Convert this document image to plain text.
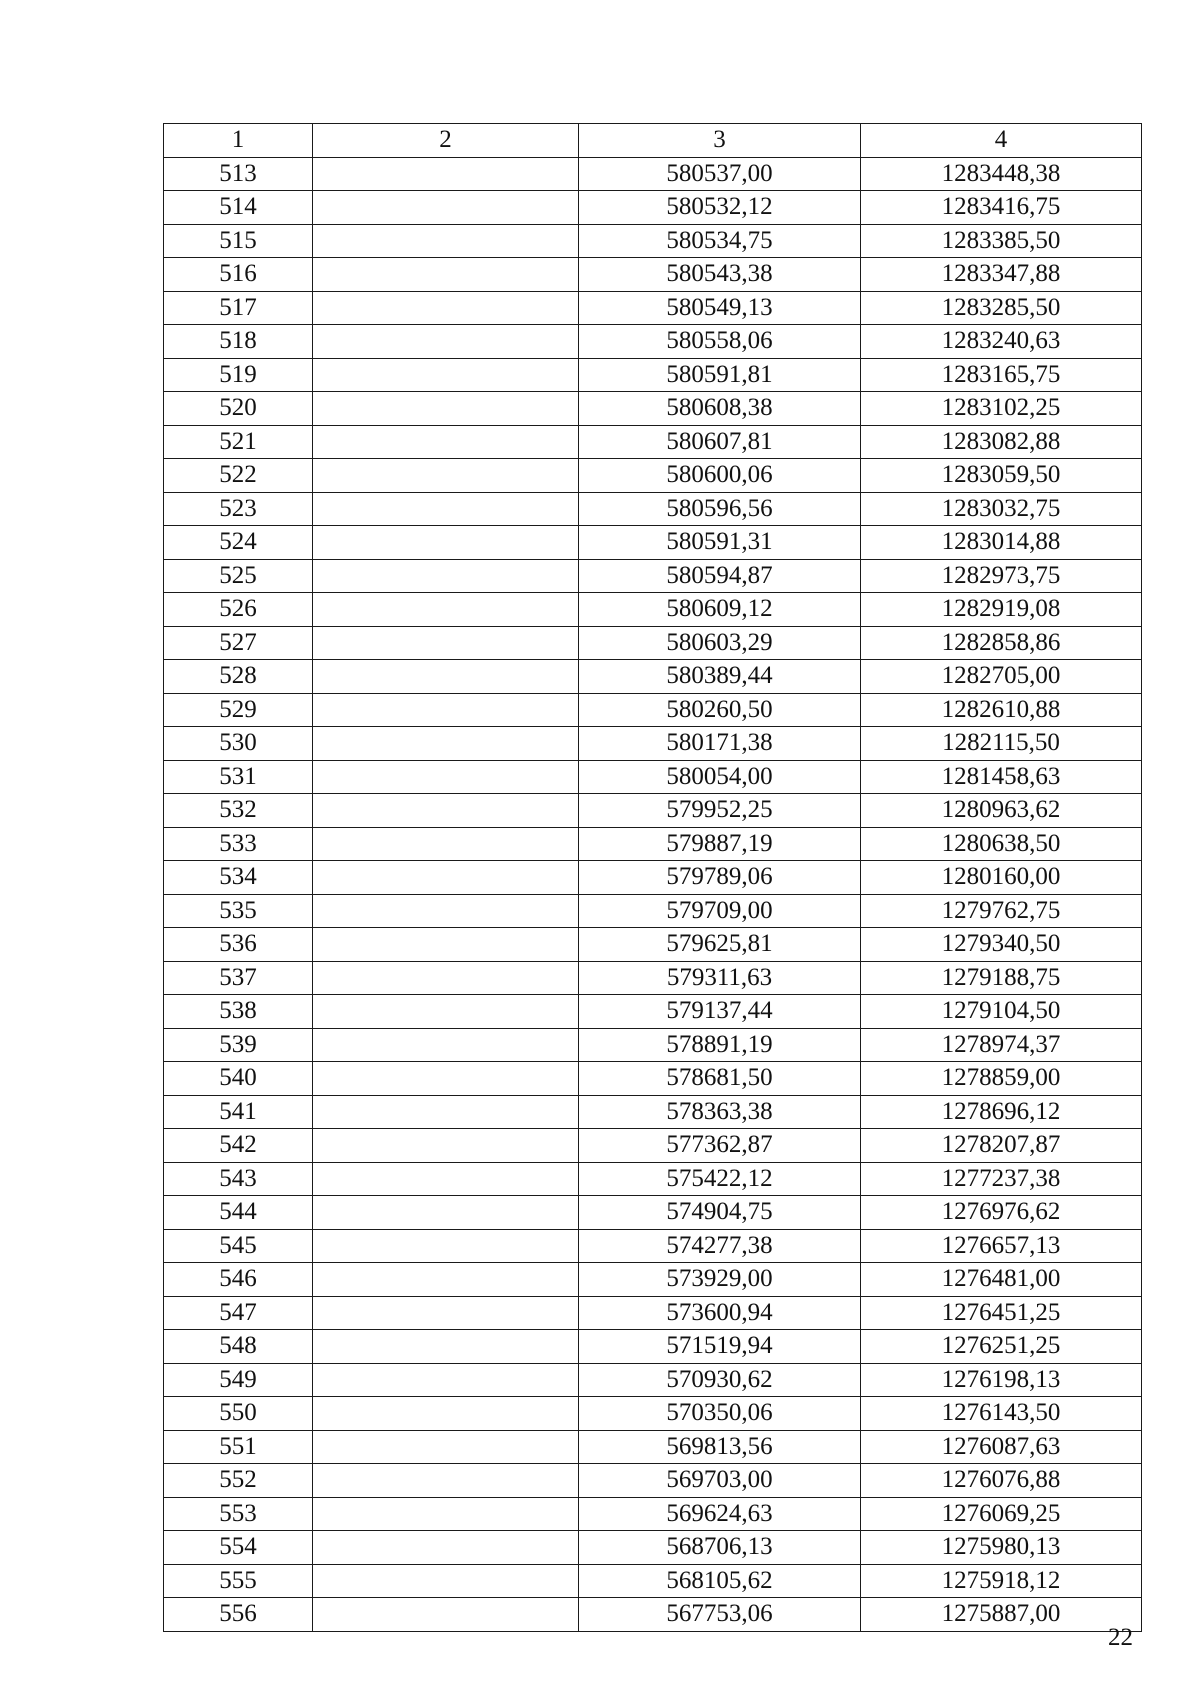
1	2	3	4
513		580537,00	1283448,38
514		580532,12	1283416,75
515		580534,75	1283385,50
516		580543,38	1283347,88
517		580549,13	1283285,50
518		580558,06	1283240,63
519		580591,81	1283165,75
520		580608,38	1283102,25
521		580607,81	1283082,88
522		580600,06	1283059,50
523		580596,56	1283032,75
524		580591,31	1283014,88
525		580594,87	1282973,75
526		580609,12	1282919,08
527		580603,29	1282858,86
528		580389,44	1282705,00
529		580260,50	1282610,88
530		580171,38	1282115,50
531		580054,00	1281458,63
532		579952,25	1280963,62
533		579887,19	1280638,50
534		579789,06	1280160,00
535		579709,00	1279762,75
536		579625,81	1279340,50
537		579311,63	1279188,75
538		579137,44	1279104,50
539		578891,19	1278974,37
540		578681,50	1278859,00
541		578363,38	1278696,12
542		577362,87	1278207,87
543		575422,12	1277237,38
544		574904,75	1276976,62
545		574277,38	1276657,13
546		573929,00	1276481,00
547		573600,94	1276451,25
548		571519,94	1276251,25
549		570930,62	1276198,13
550		570350,06	1276143,50
551		569813,56	1276087,63
552		569703,00	1276076,88
553		569624,63	1276069,25
554		568706,13	1275980,13
555		568105,62	1275918,12
556		567753,06	1275887,00
22
